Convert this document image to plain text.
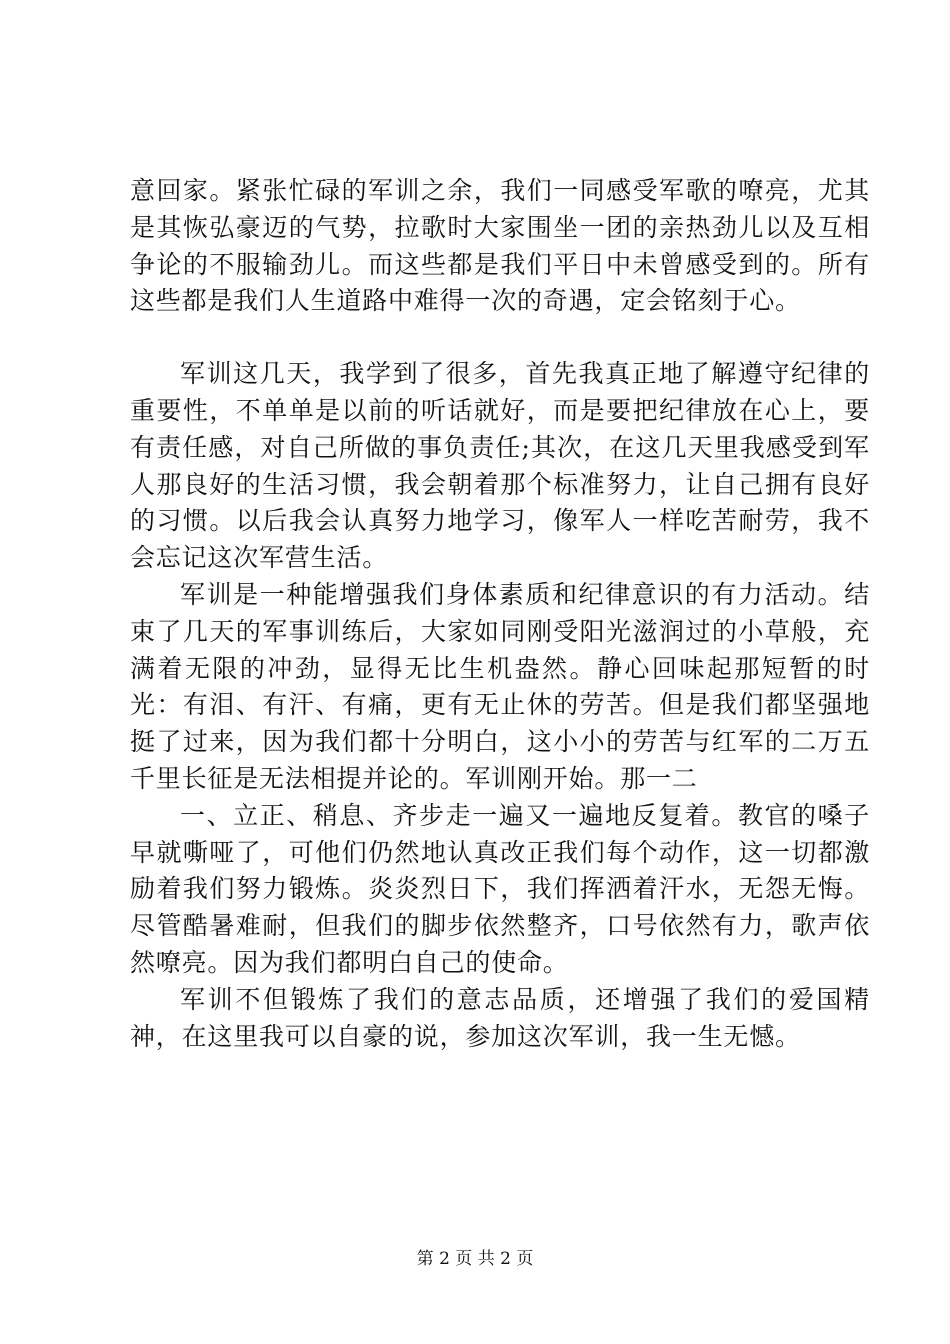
意回家。紧张忙碌的军训之余，我们一同感受军歌的嘹亮，尤其是其恢弘豪迈的气势，拉歌时大家围坐一团的亲热劲儿以及互相争论的不服输劲儿。而这些都是我们平日中未曾感受到的。所有这些都是我们人生道路中难得一次的奇遇，定会铭刻于心。

军训这几天，我学到了很多，首先我真正地了解遵守纪律的重要性，不单单是以前的听话就好，而是要把纪律放在心上，要有责任感，对自己所做的事负责任;其次，在这几天里我感受到军人那良好的生活习惯，我会朝着那个标准努力，让自己拥有良好的习惯。以后我会认真努力地学习，像军人一样吃苦耐劳，我不会忘记这次军营生活。

军训是一种能增强我们身体素质和纪律意识的有力活动。结束了几天的军事训练后，大家如同刚受阳光滋润过的小草般，充满着无限的冲劲，显得无比生机盎然。静心回味起那短暂的时光：有泪、有汗、有痛，更有无止休的劳苦。但是我们都坚强地挺了过来，因为我们都十分明白，这小小的劳苦与红军的二万五千里长征是无法相提并论的。军训刚开始。那一二

一、立正、稍息、齐步走一遍又一遍地反复着。教官的嗓子早就嘶哑了，可他们仍然地认真改正我们每个动作，这一切都激励着我们努力锻炼。炎炎烈日下，我们挥洒着汗水，无怨无悔。尽管酷暑难耐，但我们的脚步依然整齐，口号依然有力，歌声依然嘹亮。因为我们都明白自己的使命。

军训不但锻炼了我们的意志品质，还增强了我们的爱国精神，在这里我可以自豪的说，参加这次军训，我一生无憾。

第 2 页 共 2 页
